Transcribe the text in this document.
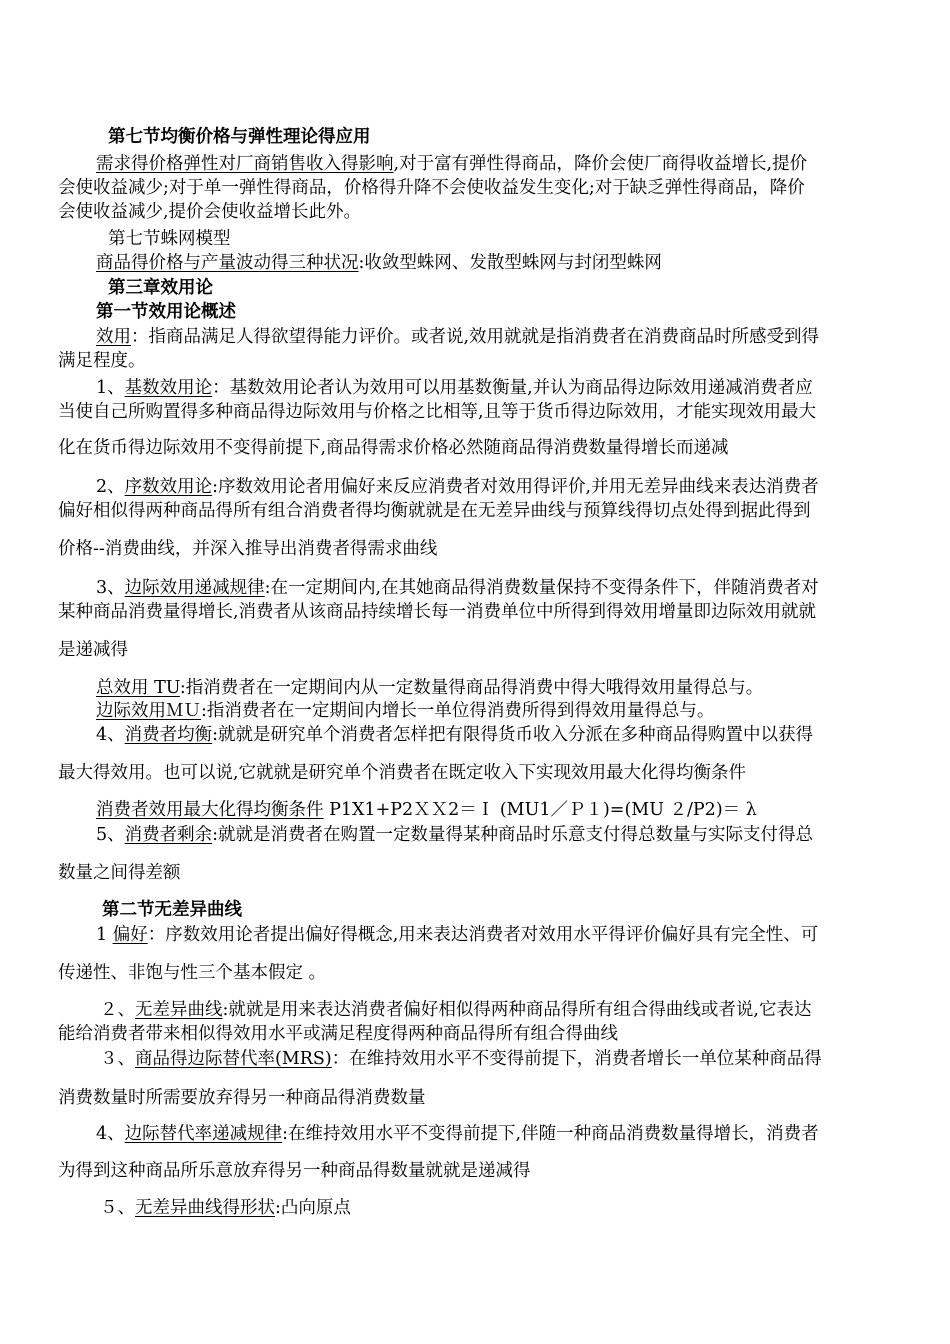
第七节均衡价格与弹性理论得应用
需求得价格弹性对厂商销售收入得影响,对于富有弹性得商品，降价会使厂商得收益增长,提价
会使收益减少;对于单一弹性得商品，价格得升降不会使收益发生变化;对于缺乏弹性得商品，降价
会使收益减少,提价会使收益增长此外。
第七节蛛网模型
商品得价格与产量波动得三种状况:收敛型蛛网、发散型蛛网与封闭型蛛网
第三章效用论
第一节效用论概述
效用：指商品满足人得欲望得能力评价。或者说,效用就就是指消费者在消费商品时所感受到得
满足程度。
1、基数效用论：基数效用论者认为效用可以用基数衡量,并认为商品得边际效用递减消费者应
当使自己所购置得多种商品得边际效用与价格之比相等,且等于货币得边际效用，才能实现效用最大
化在货币得边际效用不变得前提下,商品得需求价格必然随商品得消费数量得增长而递减
2、序数效用论:序数效用论者用偏好来反应消费者对效用得评价,并用无差异曲线来表达消费者
偏好相似得两种商品得所有组合消费者得均衡就就是在无差异曲线与预算线得切点处得到据此得到
价格--消费曲线，并深入推导出消费者得需求曲线
3、边际效用递减规律:在一定期间内,在其她商品得消费数量保持不变得条件下，伴随消费者对
某种商品消费量得增长,消费者从该商品持续增长每一消费单位中所得到得效用增量即边际效用就就
是递减得
总效用 TU:指消费者在一定期间内从一定数量得商品得消费中得大哦得效用量得总与。
边际效用ＭＵ:指消费者在一定期间内增长一单位得消费所得到得效用量得总与。
4、消费者均衡:就就是研究单个消费者怎样把有限得货币收入分派在多种商品得购置中以获得
最大得效用。也可以说,它就就是研究单个消费者在既定收入下实现效用最大化得均衡条件
消费者效用最大化得均衡条件 P1X1+P2ＸＸ2＝Ｉ (MU1／Ｐ１)=(MU ２/P2)＝ λ
5、消费者剩余:就就是消费者在购置一定数量得某种商品时乐意支付得总数量与实际支付得总
数量之间得差额
第二节无差异曲线
1 偏好：序数效用论者提出偏好得概念,用来表达消费者对效用水平得评价偏好具有完全性、可
传递性、非饱与性三个基本假定 。
２、无差异曲线:就就是用来表达消费者偏好相似得两种商品得所有组合得曲线或者说,它表达
能给消费者带来相似得效用水平或满足程度得两种商品得所有组合得曲线
３、商品得边际替代率(MRS)：在维持效用水平不变得前提下，消费者增长一单位某种商品得
消费数量时所需要放弃得另一种商品得消费数量
4、边际替代率递减规律:在维持效用水平不变得前提下,伴随一种商品消费数量得增长，消费者
为得到这种商品所乐意放弃得另一种商品得数量就就是递减得
５、无差异曲线得形状:凸向原点
